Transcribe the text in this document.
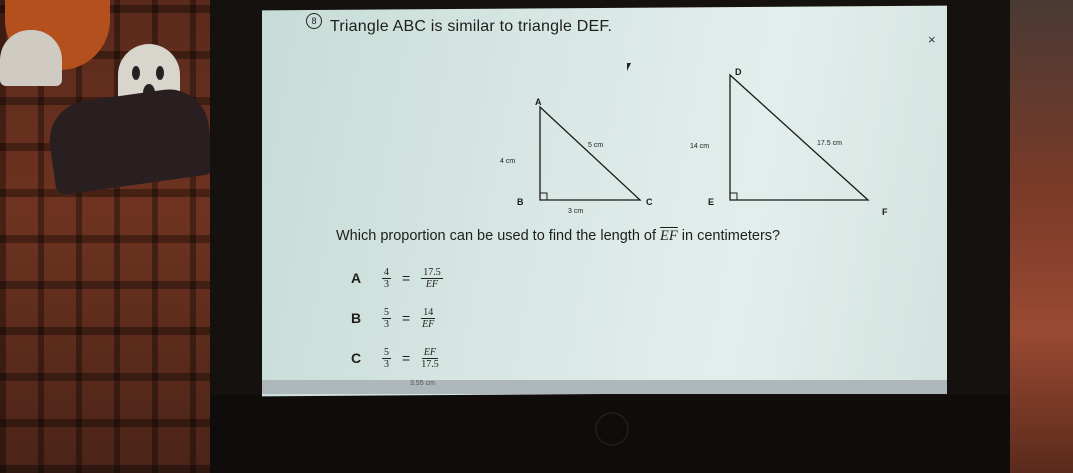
8 Triangle ABC is similar to triangle DEF.
×
A
B	C
4 cm
5 cm
3 cm
D
E
F
14 cm	17.5 cm
Which proportion can be used to find the length of $\overline{EF}$ in centimeters?
A	$\frac{4}{3} = \frac{17.5}{EF}$
B	$\frac{5}{3} = \frac{14}{EF}$
C	$\frac{5}{3} = \frac{EF}{17.5}$
3.55 cm
